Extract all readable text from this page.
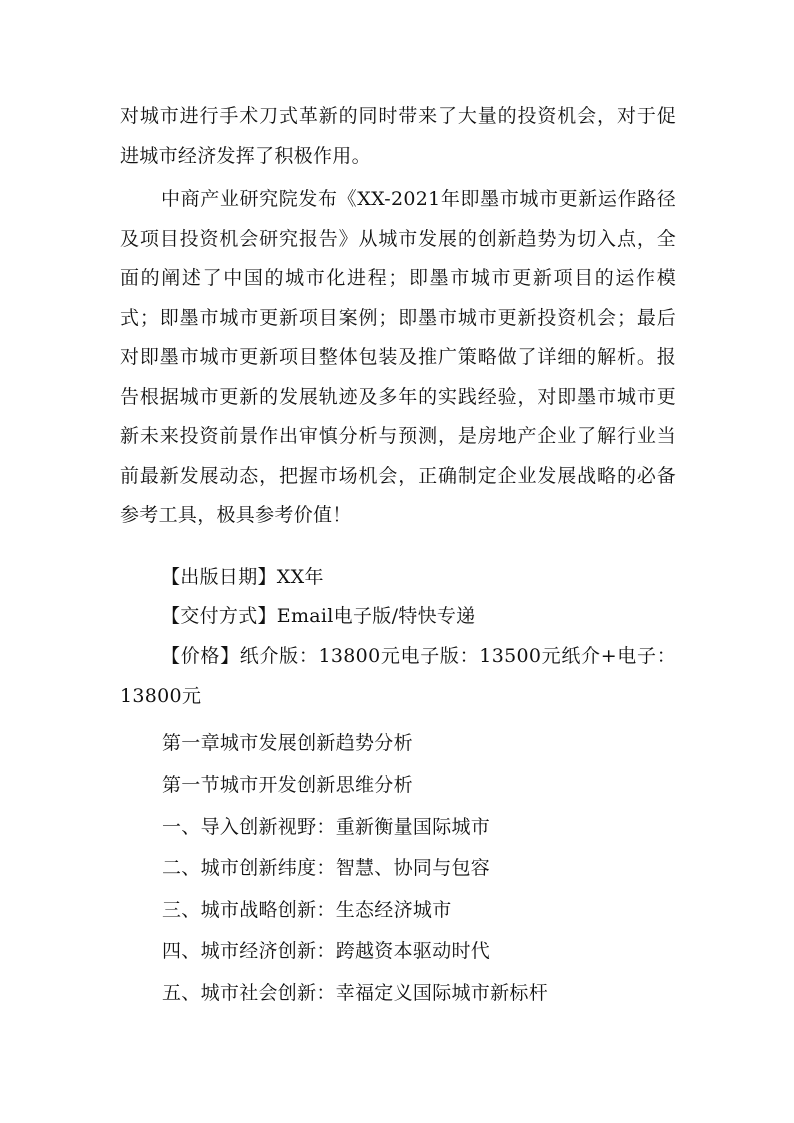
对城市进行手术刀式革新的同时带来了大量的投资机会，对于促进城市经济发挥了积极作用。

中商产业研究院发布《XX-2021年即墨市城市更新运作路径及项目投资机会研究报告》从城市发展的创新趋势为切入点，全面的阐述了中国的城市化进程；即墨市城市更新项目的运作模式；即墨市城市更新项目案例；即墨市城市更新投资机会；最后对即墨市城市更新项目整体包装及推广策略做了详细的解析。报告根据城市更新的发展轨迹及多年的实践经验，对即墨市城市更新未来投资前景作出审慎分析与预测，是房地产企业了解行业当前最新发展动态，把握市场机会，正确制定企业发展战略的必备参考工具，极具参考价值！

【出版日期】XX年

【交付方式】Email电子版/特快专递

【价格】纸介版：13800元电子版：13500元纸介+电子：13800元

第一章城市发展创新趋势分析

第一节城市开发创新思维分析

一、导入创新视野：重新衡量国际城市

二、城市创新纬度：智慧、协同与包容

三、城市战略创新：生态经济城市

四、城市经济创新：跨越资本驱动时代

五、城市社会创新：幸福定义国际城市新标杆
